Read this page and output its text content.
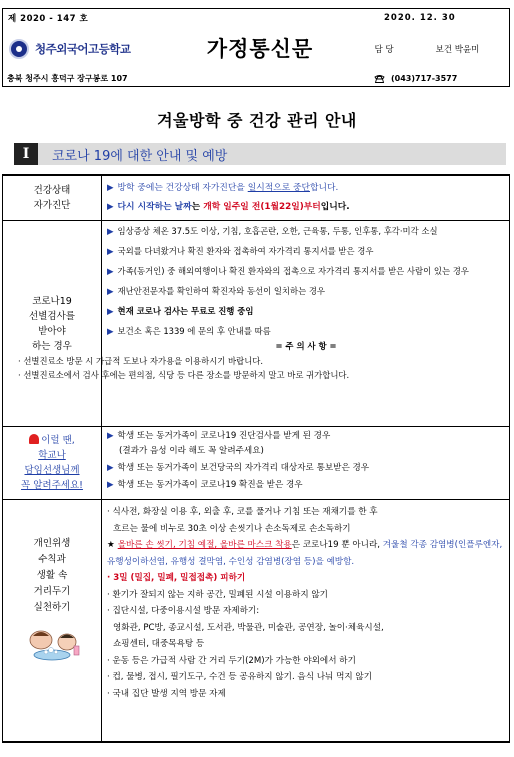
제 2020 - 147 호
청주외국어고등학교
충북 청주시 흥덕구 장구봉로 107
가정통신문
2020. 12. 30
담 당	보건 박윤미
(043)717-3577
겨울방학 중 건강 관리 안내
Ⅰ	코로나 19에 대한 안내 및 예방
건강상태
자가진단
▶ 방학 중에는 건강상태 자가진단을 일시적으로 중단합니다.
▶ 다시 시작하는 날짜는 개학 일주일 전(1월22일)부터입니다.
코로나19
선별검사를
받아야
하는 경우
▶ 임상증상 체온 37.5도 이상, 기침, 호흡곤란, 오한, 근육통, 두통, 인후통, 후각·미각 소실
▶ 국외를 다녀왔거나 확진 환자와 접촉하여 자가격리 통지서를 받은 경우
▶ 가족(동거인) 중 해외여행이나 확진 환자와의 접촉으로 자가격리 통지서를 받은 사람이 있는 경우
▶ 재난안전문자를 확인하여 확진자와 동선이 일치하는 경우
▶ 현재 코로나 검사는 무료로 진행 중임
▶ 보건소 혹은 1339 에 문의 후 안내를 따름
= 주 의 사 항 =
· 선별진료소 방문 시 가급적 도보나 자가용을 이용하시기 바랍니다.
· 선별진료소에서 검사 후에는 편의점, 식당 등 다른 장소를 방문하지 말고 바로 귀가합니다.
이럴 땐,
학교나
담임선생님께
꼭 알려주세요!
▶ 학생 또는 동거가족이 코로나19 진단검사를 받게 된 경우
(결과가 음성 이라 해도 꼭 알려주세요)
▶ 학생 또는 동거가족이 보건당국의 자가격리 대상자로 통보받은 경우
▶ 학생 또는 동거가족이 코로나19 확진을 받은 경우
개인위생
수칙과
생활 속
거리두기
실천하기
· 식사전, 화장실 이용 후, 외출 후, 코를 풀거나 기침 또는 재채기를 한 후
흐르는 물에 비누로 30초 이상 손씻기나 손소독제로 손소독하기
★ 올바른 손 씻기, 기침 예절, 올바른 마스크 착용은 코로나19 뿐 아니라, 겨울철 각종 감염병(인플루엔자, 유행성이하선염, 유행성 결막염, 수인성 감염병(장염 등)을 예방함.
· 3밀 (밀집, 밀폐, 밀접접촉) 피하기
· 환기가 잘되지 않는 지하 공간, 밀폐된 시설 이용하지 않기
· 집단시설, 다중이용시설 방문 자제하기:
영화관, PC방, 종교시설, 도서관, 박물관, 미술관, 공연장, 놀이·체육시설,
쇼핑센터, 대중목욕탕 등
· 운동 등은 가급적 사람 간 거리 두기(2M)가 가능한 야외에서 하기
· 컵, 물병, 접시, 필기도구, 수건 등 공유하지 않기. 음식 나눠 먹지 않기
· 국내 집단 발생 지역 방문 자제
